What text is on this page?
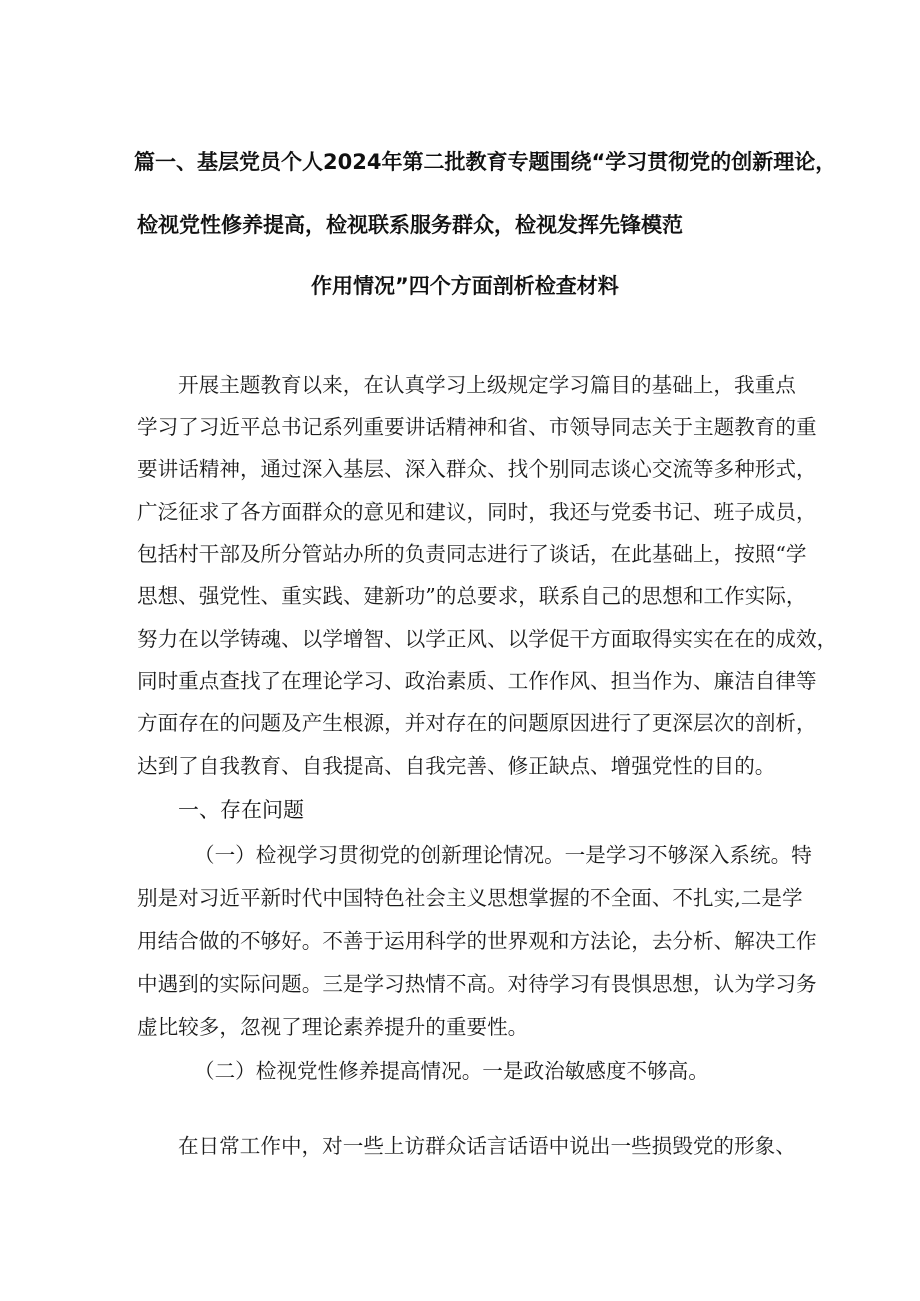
篇一、基层党员个人2024年第二批教育专题围绕“学习贯彻党的创新理论，
检视党性修养提高，检视联系服务群众，检视发挥先锋模范
作用情况”四个方面剖析检查材料
开展主题教育以来，在认真学习上级规定学习篇目的基础上，我重点
学习了习近平总书记系列重要讲话精神和省、市领导同志关于主题教育的重
要讲话精神，通过深入基层、深入群众、找个别同志谈心交流等多种形式，
广泛征求了各方面群众的意见和建议，同时，我还与党委书记、班子成员，
包括村干部及所分管站办所的负责同志进行了谈话，在此基础上，按照“学
思想、强党性、重实践、建新功”的总要求，联系自己的思想和工作实际，
努力在以学铸魂、以学增智、以学正风、以学促干方面取得实实在在的成效，
同时重点查找了在理论学习、政治素质、工作作风、担当作为、廉洁自律等
方面存在的问题及产生根源，并对存在的问题原因进行了更深层次的剖析，
达到了自我教育、自我提高、自我完善、修正缺点、增强党性的目的。
一、存在问题
（一）检视学习贯彻党的创新理论情况。一是学习不够深入系统。特
别是对习近平新时代中国特色社会主义思想掌握的不全面、不扎实,二是学
用结合做的不够好。不善于运用科学的世界观和方法论，去分析、解决工作
中遇到的实际问题。三是学习热情不高。对待学习有畏惧思想，认为学习务
虚比较多，忽视了理论素养提升的重要性。
（二）检视党性修养提高情况。一是政治敏感度不够高。
在日常工作中，对一些上访群众话言话语中说出一些损毁党的形象、
